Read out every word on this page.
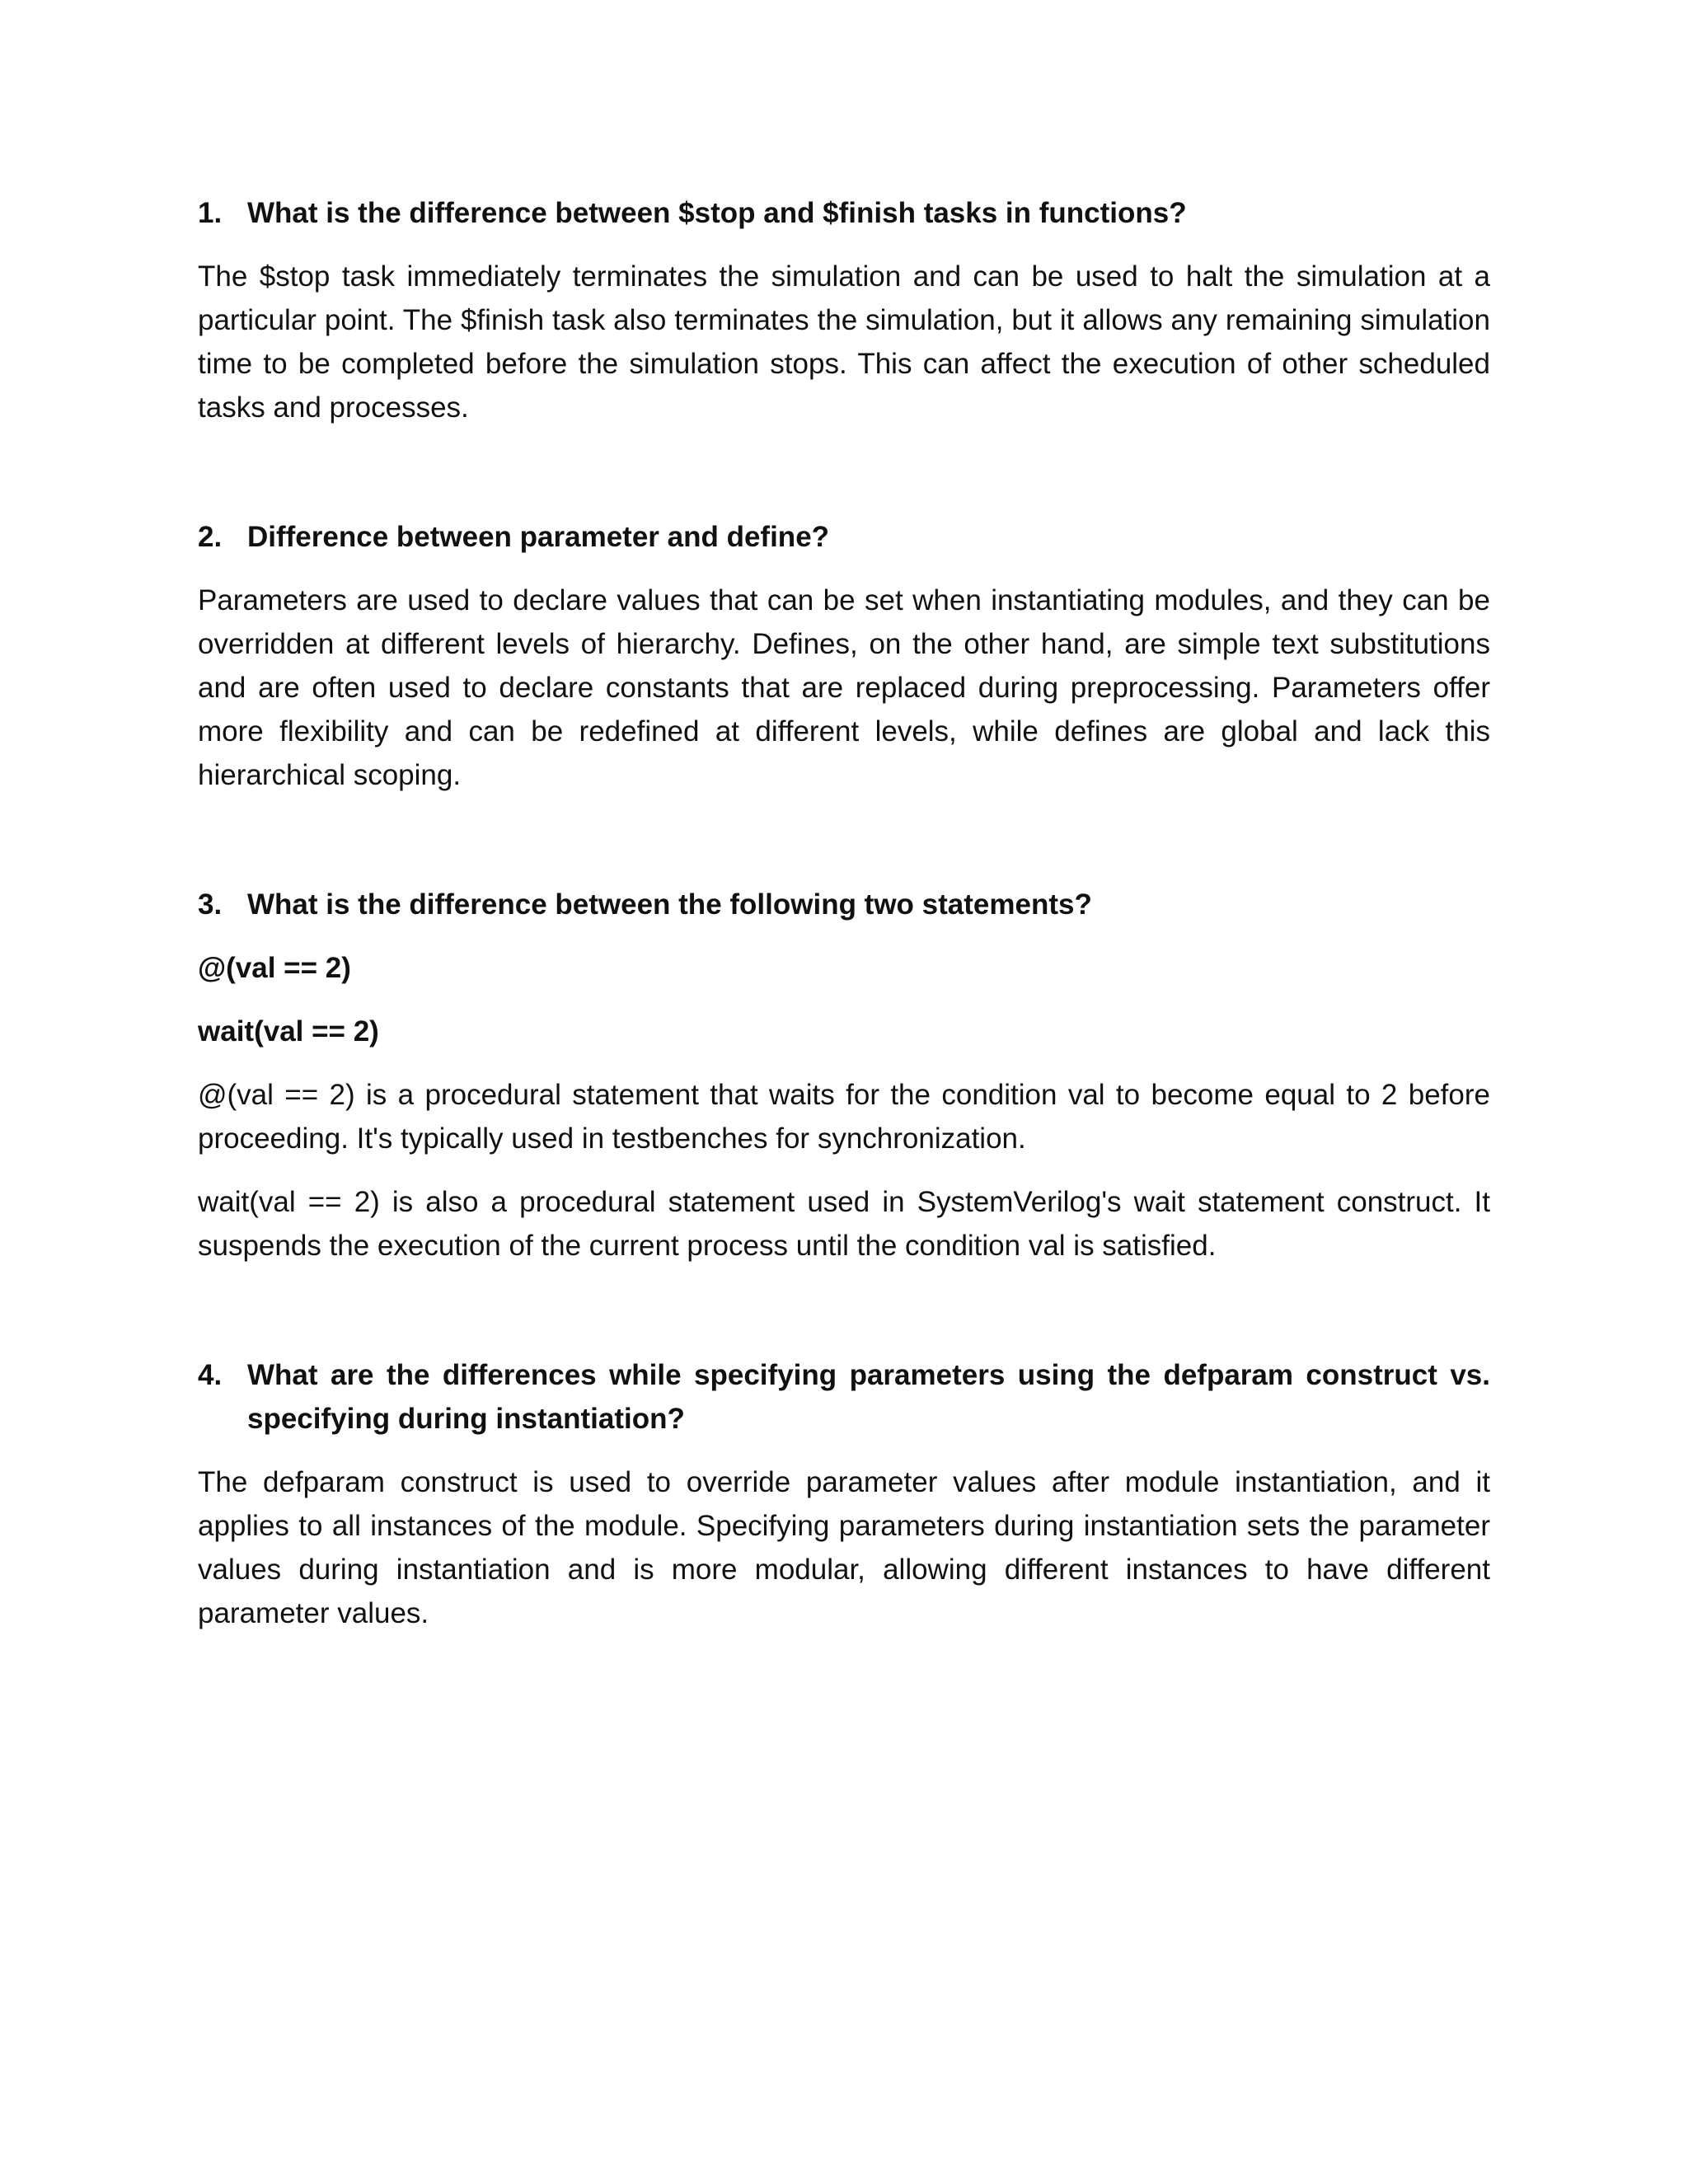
1. What is the difference between $stop and $finish tasks in functions?

The $stop task immediately terminates the simulation and can be used to halt the simulation at a particular point. The $finish task also terminates the simulation, but it allows any remaining simulation time to be completed before the simulation stops. This can affect the execution of other scheduled tasks and processes.

2. Difference between parameter and define?

Parameters are used to declare values that can be set when instantiating modules, and they can be overridden at different levels of hierarchy. Defines, on the other hand, are simple text substitutions and are often used to declare constants that are replaced during preprocessing. Parameters offer more flexibility and can be redefined at different levels, while defines are global and lack this hierarchical scoping.

3. What is the difference between the following two statements?

@(val == 2)

wait(val == 2)

@(val == 2) is a procedural statement that waits for the condition val to become equal to 2 before proceeding. It's typically used in testbenches for synchronization.

wait(val == 2) is also a procedural statement used in SystemVerilog's wait statement construct. It suspends the execution of the current process until the condition val is satisfied.

4. What are the differences while specifying parameters using the defparam construct vs. specifying during instantiation?

The defparam construct is used to override parameter values after module instantiation, and it applies to all instances of the module. Specifying parameters during instantiation sets the parameter values during instantiation and is more modular, allowing different instances to have different parameter values.
